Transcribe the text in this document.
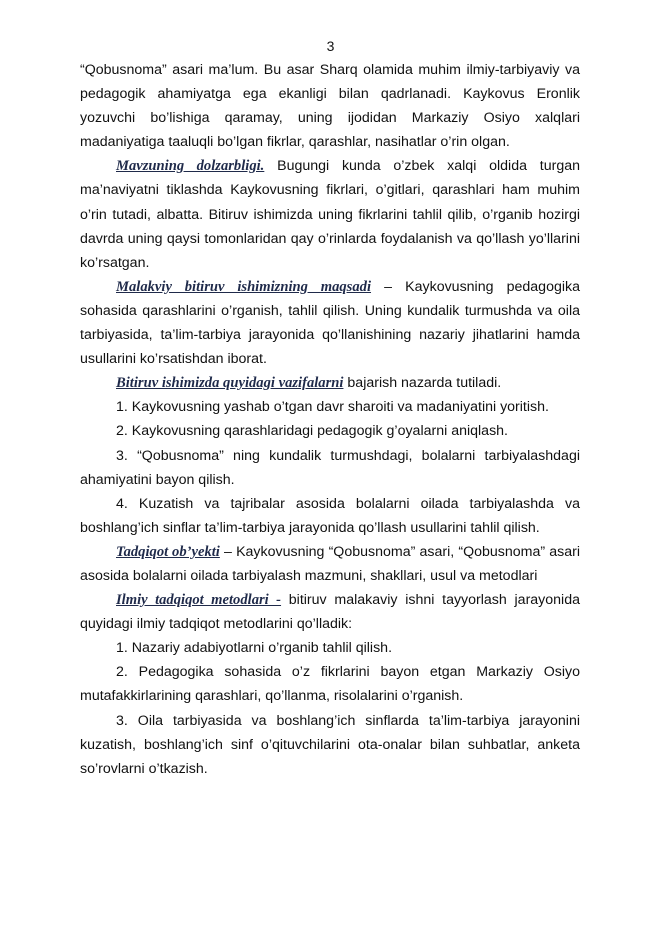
3

“Qobusnoma” asari ma’lum. Bu asar Sharq olamida muhim ilmiy-tarbiyaviy va pedagogik ahamiyatga ega ekanligi bilan qadrlanadi. Kaykovus Eronlik yozuvchi bo’lishiga qaramay, uning ijodidan Markaziy Osiyo xalqlari madaniyatiga taaluqli bo’lgan fikrlar, qarashlar, nasihatlar o’rin olgan.

Mavzuning dolzarbligi. Bugungi kunda o’zbek xalqi oldida turgan ma’naviyatni tiklashda Kaykovusning fikrlari, o’gitlari, qarashlari ham muhim o’rin tutadi, albatta. Bitiruv ishimizda uning fikrlarini tahlil qilib, o’rganib hozirgi davrda uning qaysi tomonlaridan qay o’rinlarda foydalanish va qo’llash yo’llarini ko’rsatgan.

Malakviy bitiruv ishimizning maqsadi – Kaykovusning pedagogika sohasida qarashlarini o’rganish, tahlil qilish. Uning kundalik turmushda va oila tarbiyasida, ta’lim-tarbiya jarayonida qo’llanishining nazariy jihatlarini hamda usullarini ko’rsatishdan iborat.

Bitiruv ishimizda quyidagi vazifalarni bajarish nazarda tutiladi.

1. Kaykovusning yashab o’tgan davr sharoiti va madaniyatini yoritish.

2. Kaykovusning qarashlaridagi pedagogik g’oyalarni aniqlash.

3. “Qobusnoma” ning kundalik turmushdagi, bolalarni tarbiyalashdagi ahamiyatini bayon qilish.

4. Kuzatish va tajribalar asosida bolalarni oilada tarbiyalashda va boshlang’ich sinflar ta’lim-tarbiya jarayonida qo’llash usullarini tahlil qilish.

Tadqiqot ob’yekti – Kaykovusning “Qobusnoma” asari, “Qobusnoma” asari asosida bolalarni oilada tarbiyalash mazmuni, shakllari, usul va metodlari

Ilmiy tadqiqot metodlari - bitiruv malakaviy ishni tayyorlash jarayonida quyidagi ilmiy tadqiqot metodlarini qo’lladik:

1. Nazariy adabiyotlarni o’rganib tahlil qilish.

2. Pedagogika sohasida o’z fikrlarini bayon etgan Markaziy Osiyo mutafakkirlarining qarashlari, qo’llanma, risolalarini o’rganish.

3. Oila tarbiyasida va boshlang’ich sinflarda ta’lim-tarbiya jarayonini kuzatish, boshlang’ich sinf o’qituvchilarini ota-onalar bilan suhbatlar, anketa so’rovlarni o’tkazish.
